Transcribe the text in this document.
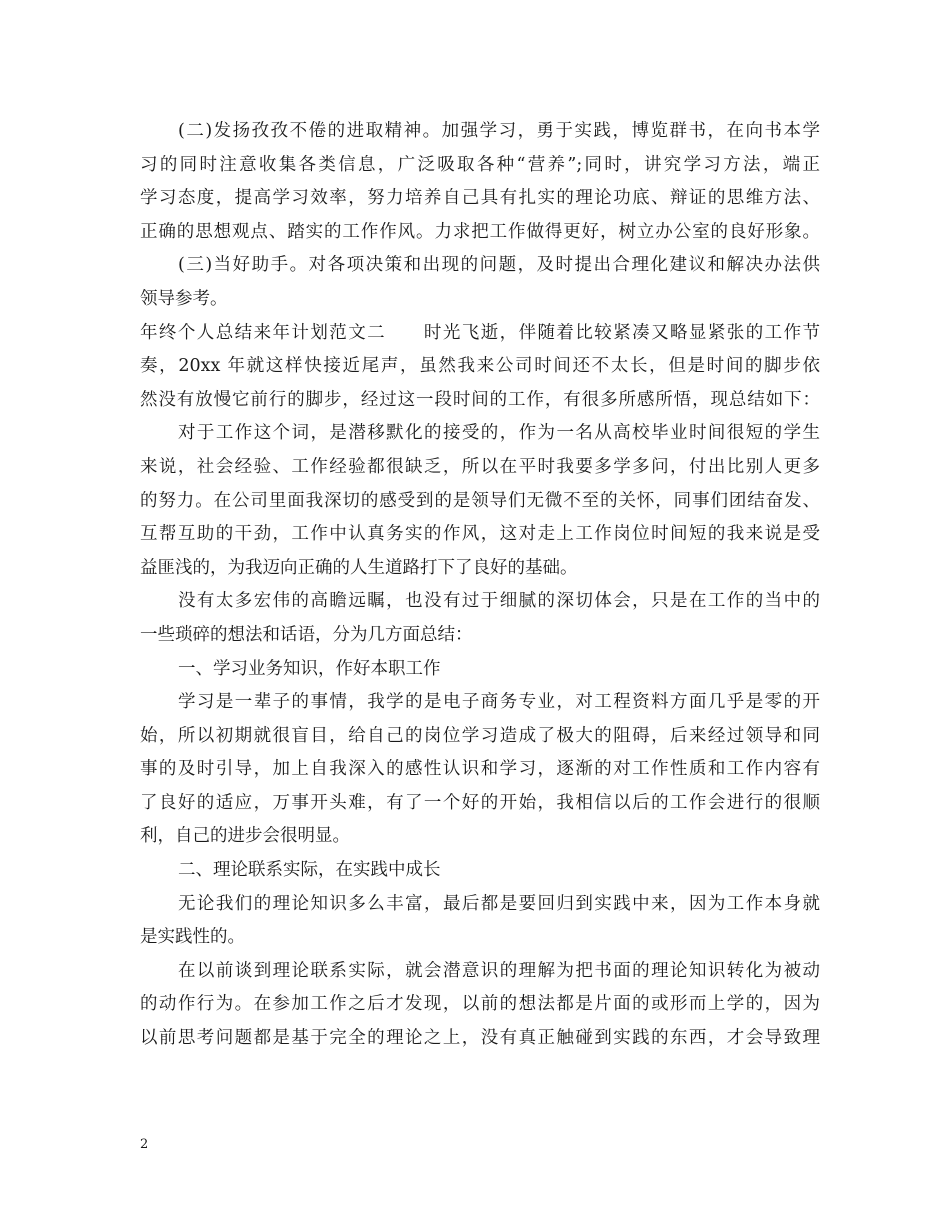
(二)发扬孜孜不倦的进取精神。加强学习，勇于实践，博览群书，在向书本学
习的同时注意收集各类信息，广泛吸取各种“营养”;同时，讲究学习方法，端正
学习态度，提高学习效率，努力培养自己具有扎实的理论功底、辩证的思维方法、
正确的思想观点、踏实的工作作风。力求把工作做得更好，树立办公室的良好形象。
(三)当好助手。对各项决策和出现的问题，及时提出合理化建议和解决办法供
领导参考。
年终个人总结来年计划范文二　　时光飞逝，伴随着比较紧凑又略显紧张的工作节
奏，20xx 年就这样快接近尾声，虽然我来公司时间还不太长，但是时间的脚步依
然没有放慢它前行的脚步，经过这一段时间的工作，有很多所感所悟，现总结如下：
对于工作这个词，是潜移默化的接受的，作为一名从高校毕业时间很短的学生
来说，社会经验、工作经验都很缺乏，所以在平时我要多学多问，付出比别人更多
的努力。在公司里面我深切的感受到的是领导们无微不至的关怀，同事们团结奋发、
互帮互助的干劲，工作中认真务实的作风，这对走上工作岗位时间短的我来说是受
益匪浅的，为我迈向正确的人生道路打下了良好的基础。
没有太多宏伟的高瞻远瞩，也没有过于细腻的深切体会，只是在工作的当中的
一些琐碎的想法和话语，分为几方面总结：
一、学习业务知识，作好本职工作
学习是一辈子的事情，我学的是电子商务专业，对工程资料方面几乎是零的开
始，所以初期就很盲目，给自己的岗位学习造成了极大的阻碍，后来经过领导和同
事的及时引导，加上自我深入的感性认识和学习，逐渐的对工作性质和工作内容有
了良好的适应，万事开头难，有了一个好的开始，我相信以后的工作会进行的很顺
利，自己的进步会很明显。
二、理论联系实际，在实践中成长
无论我们的理论知识多么丰富，最后都是要回归到实践中来，因为工作本身就
是实践性的。
在以前谈到理论联系实际，就会潜意识的理解为把书面的理论知识转化为被动
的动作行为。在参加工作之后才发现，以前的想法都是片面的或形而上学的，因为
以前思考问题都是基于完全的理论之上，没有真正触碰到实践的东西，才会导致理
2
